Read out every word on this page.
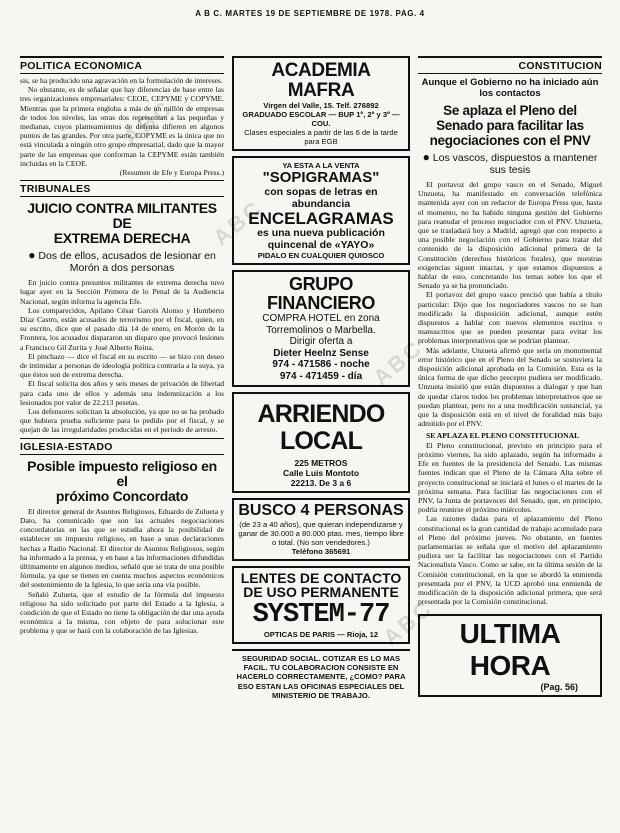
A B C. MARTES 19 DE SEPTIEMBRE DE 1978. PAG. 4
POLITICA ECONOMICA

sis, se ha producido una agravación en la formulación de intereses.

No obstante, es de señalar que hay diferencias de base entre las tres organizaciones empresariales: CEOE, CEPYME y COPYME. Mientras que la primera engloba a más de un millón de empresas de todos los niveles, las otras dos representan a las pequeñas y medianas, cuyos planteamientos de defensa difieren en algunos puntos de las grandes. Por otra parte, COPYME es la única que no está vinculada a ningún otro grupo empresarial, dado que la mayor parte de las empresas que conforman la CEPYME están también incluidas en la CEOE.

(Resumen de Efe y Europa Press.)

TRIBUNALES
JUICIO CONTRA MILITANTES DE
EXTREMA DERECHA
● Dos de ellos, acusados de lesionar en Morón a dos personas

En juicio contra presuntos militantes de extrema derecha tuvo lugar ayer en la Sección Primera de lo Penal de la Audiencia Nacional, según informa la agencia Efe.

Los comparecidos, Apilano César Garcés Alonso y Humberto Díaz Castro, están acusados de terrorismo por el fiscal, quien, en su escrito, dice que el pasado día 14 de enero, en Morón de la Frontera, los acusados dispararon un disparo que provocó lesiones a Francisco Gil Zurita y José Alberto Reina.

El pinchazo — dice el fiscal en su escrito — se hizo con deseo de intimidar a personas de ideología política contraria a la suya, ya que éstos son de extrema derecha.

El fiscal solicita dos años y seis meses de privación de libertad para cada uno de ellos y además una indemnización a los lesionados por valor de 22.213 pesetas.

Los defensores solicitan la absolución, ya que no se ha probado que hubiera prueba suficiente para lo pedido por el fiscal, y se quejan de las irregularidades producidas en el período de arresto.

IGLESIA-ESTADO
Posible impuesto religioso en el
próximo Concordato

El director general de Asuntos Religiosos, Eduardo de Zulueta y Dato, ha comunicado que son las actuales negociaciones concordatorias en las que se estudia ahora la posibilidad de establecer un impuesto religioso, en base a unas declaraciones hechas a Radio Nacional. El director de Asuntos Religiosos, según ha informado a la prensa, y en base a las informaciones difundidas últimamente en algunos medios, señaló que se trata de una posible fórmula, ya que se tienen en cuenta muchos aspectos económicos del sostenimiento de la Iglesia, lo que sería una vía posible.

Señaló Zulueta, que el estudio de la fórmula del impuesto religioso ha sido solicitado por parte del Estado a la Iglesia, a condición de que el Estado no tiene la obligación de dar una ayuda económica a la misma, con objeto de para solucionar este problema y que se hará con la colaboración de las Iglesias.

ACADEMIA MAFRA
Virgen del Valle, 15. Telf. 276892
GRADUADO ESCOLAR — BUP 1º, 2º y 3º — COU.
Clases especiales a partir de las 6 de la tarde para EGB
YA ESTA A LA VENTA
"SOPIGRAMAS"
con sopas de letras en abundancia
ENCELAGRAMAS
es una nueva publicación quincenal de «YAYO»
PIDALO EN CUALQUIER QUIOSCO
GRUPO FINANCIERO
COMPRA HOTEL en zona Torremolinos o Marbella.
Dirigir oferta a
Dieter Heelnz Sense
974 - 471586 - noche
974 - 471459 - día
ARRIENDO LOCAL
225 METROS
Calle Luis Montoto
22213. De 3 a 6
BUSCO 4 PERSONAS
(de 23 a 40 años), que quieran independizarse y ganar de 30.000 a 80.000 ptas. mes, tiempo libre o total. (No son vendedores.)
Teléfono 365691
LENTES DE CONTACTO
DE USO PERMANENTE
SYSTEM-77
OPTICAS DE PARIS — Rioja, 12
SEGURIDAD SOCIAL. COTIZAR ES LO MAS FACIL. TU COLABORACION CONSISTE EN HACERLO CORRECTAMENTE, ¿COMO? PARA ESO ESTAN LAS OFICINAS ESPECIALES DEL MINISTERIO DE TRABAJO.
CONSTITUCION
Aunque el Gobierno no ha iniciado aún los contactos
Se aplaza el Pleno del Senado para facilitar las negociaciones con el PNV
● Los vascos, dispuestos a mantener sus tesis

El portavoz del grupo vasco en el Senado, Miguel Unzueta, ha manifestado en conversación telefónica mantenida ayer con un redactor de Europa Press que, hasta el momento, no ha habido ninguna gestión del Gobierno para reanudar el proceso negociador con el PNV. Unzueta, que se trasladará hoy a Madrid, agregó que con respecto a una posible negociación con el Gobierno para tratar del contenido de la disposición adicional primera de la Constitución (derechos históricos forales), que nuestras exigencias siguen intactas, y que estamos dispuestos a hablar de esto, concretando los temas sobre los que el Senado ya se ha pronunciado.

El portavoz del grupo vasco precisó que había a título particular: Dijo que los negociadores vascos no se han modificado la disposición adicional, aunque estén dispuestos a hablar con nuevos elementos escritos o manuscritos que se pueden presentar para evitar los problemas interpretativos que se podrían plantear.

Más adelante, Unzueta afirmó que sería un monumental error histórico que en el Pleno del Senado se sostuviera la disposición adicional aprobada en la Comisión. Esta es la única forma de que dicho precepto pudiera ser modificado. Unzueta insistió que están dispuestos a dialogar y que han de quedar claros todos los problemas interpretativos que se puedan plantear, pero no a una modificación sustancial, ya que la disposición está en el nivel de foralidad más bajo admitido por el PNV.

SE APLAZA EL PLENO CONSTITUCIONAL

El Pleno constitucional, previsto en principio para el próximo viernes, ha sido aplazado, según ha informado a Efe en fuentes de la presidencia del Senado. Las mismas fuentes indican que el Pleno de la Cámara Alta sobre el proyecto constitucional se iniciará el lunes o el martes de la próxima semana. Para facilitar las negociaciones con el PNV, la Junta de portavoces del Senado, que, en principio, podría reunirse el próximo miércoles.

Las razones dadas para el aplazamiento del Pleno constitucional es la gran cantidad de trabajo acumulado para el Pleno del próximo jueves. No obstante, en fuentes parlamentarias se señala que el motivo del aplazamiento pudiera ser la facilitar las negociaciones con el Partido Nacionalista Vasco. Como se sabe, en la última sesión de la Comisión constitucional, en la que se abordó la enmienda presentada por el PNV, la UCD aprobó una enmienda de modificación de la disposición adicional primera, que será presentada por la Comisión constitucional.

ULTIMA HORA
(Pag. 56)
ABC
ABC
ABC
ABC
